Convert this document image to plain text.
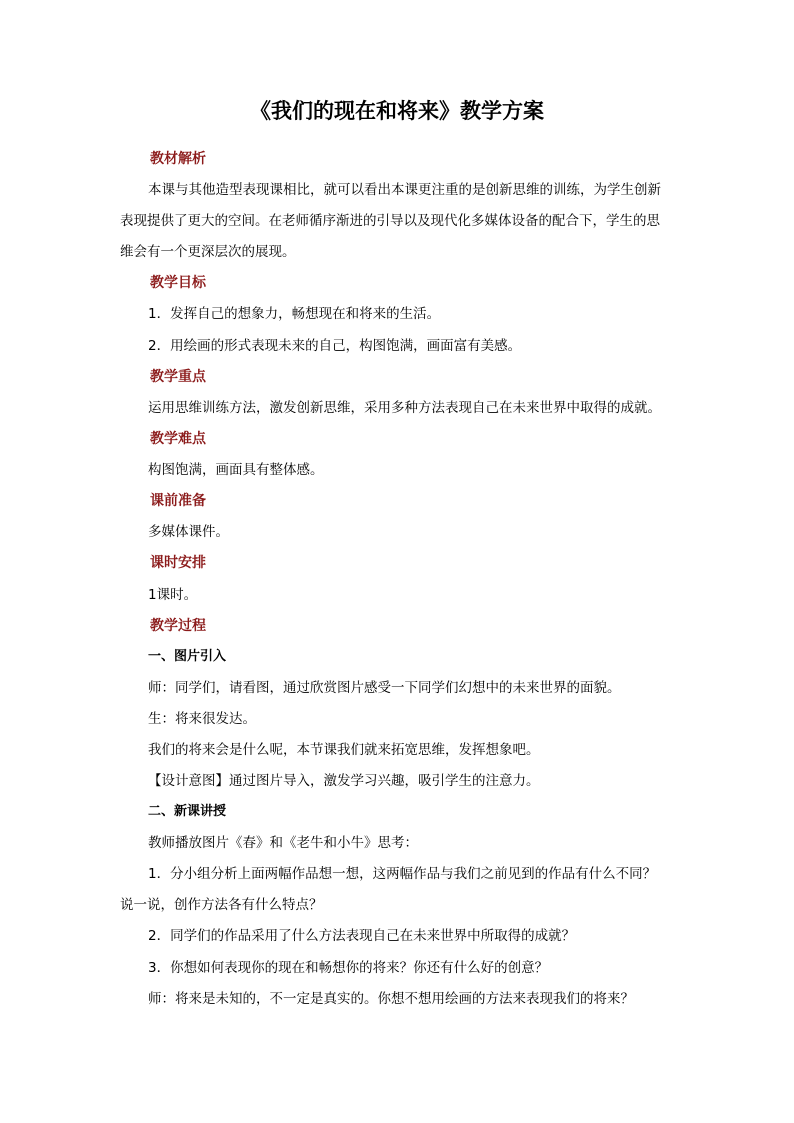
《我们的现在和将来》教学方案
教材解析
本课与其他造型表现课相比，就可以看出本课更注重的是创新思维的训练，为学生创新
表现提供了更大的空间。在老师循序渐进的引导以及现代化多媒体设备的配合下，学生的思
维会有一个更深层次的展现。
教学目标
1．发挥自己的想象力，畅想现在和将来的生活。
2．用绘画的形式表现未来的自己，构图饱满，画面富有美感。
教学重点
运用思维训练方法，激发创新思维，采用多种方法表现自己在未来世界中取得的成就。
教学难点
构图饱满，画面具有整体感。
课前准备
多媒体课件。
课时安排
1课时。
教学过程
一、图片引入
师：同学们，请看图，通过欣赏图片感受一下同学们幻想中的未来世界的面貌。
生：将来很发达。
我们的将来会是什么呢，本节课我们就来拓宽思维，发挥想象吧。
【设计意图】通过图片导入，激发学习兴趣，吸引学生的注意力。
二、新课讲授
教师播放图片《春》和《老牛和小牛》思考：
1．分小组分析上面两幅作品想一想，这两幅作品与我们之前见到的作品有什么不同？
说一说，创作方法各有什么特点？
2．同学们的作品采用了什么方法表现自己在未来世界中所取得的成就？
3．你想如何表现你的现在和畅想你的将来？你还有什么好的创意？
师：将来是未知的，不一定是真实的。你想不想用绘画的方法来表现我们的将来？
